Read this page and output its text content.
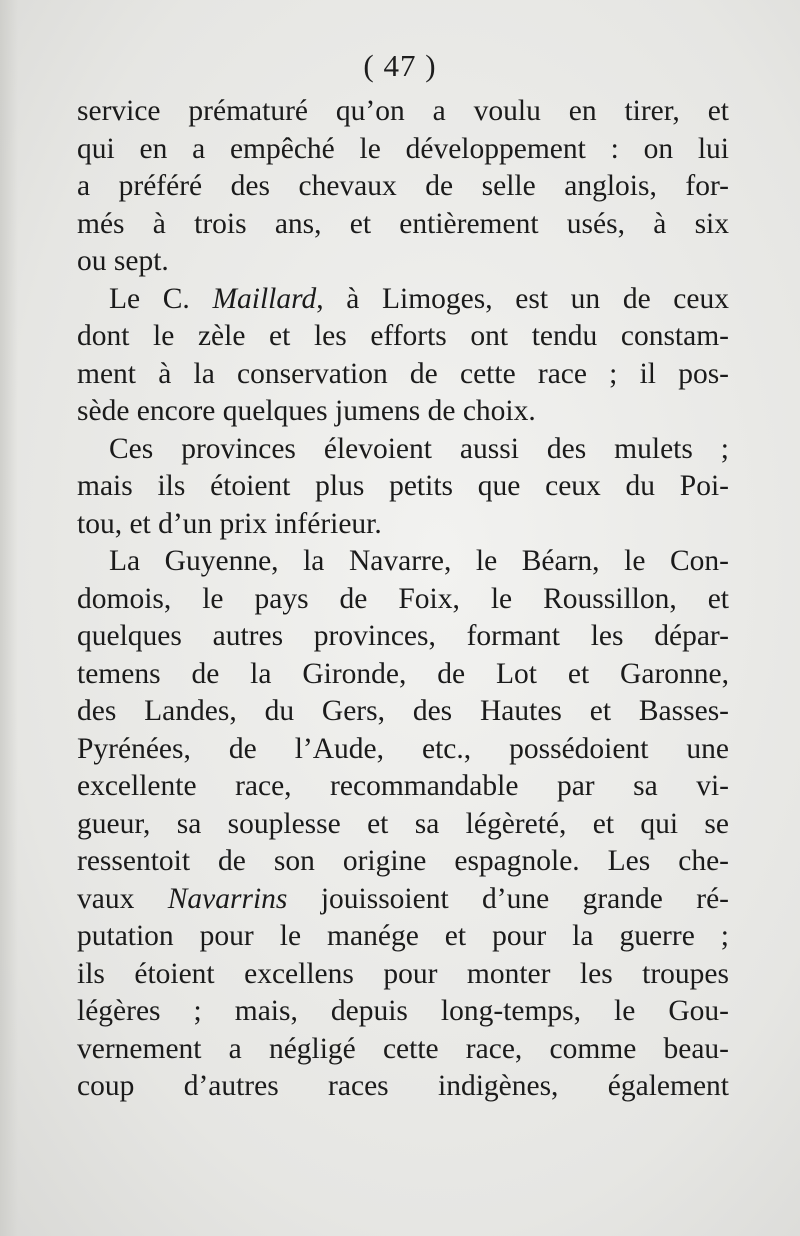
( 47 )
service prématuré qu’on a voulu en tirer, et
qui en a empêché le développement : on lui
a préféré des chevaux de selle anglois, for-
més à trois ans, et entièrement usés, à six
ou sept.
Le C. Maillard, à Limoges, est un de ceux
dont le zèle et les efforts ont tendu constam-
ment à la conservation de cette race ; il pos-
sède encore quelques jumens de choix.
Ces provinces élevoient aussi des mulets ;
mais ils étoient plus petits que ceux du Poi-
tou, et d’un prix inférieur.
La Guyenne, la Navarre, le Béarn, le Con-
domois, le pays de Foix, le Roussillon, et
quelques autres provinces, formant les dépar-
temens de la Gironde, de Lot et Garonne,
des Landes, du Gers, des Hautes et Basses-
Pyrénées, de l’Aude, etc., possédoient une
excellente race, recommandable par sa vi-
gueur, sa souplesse et sa légèreté, et qui se
ressentoit de son origine espagnole. Les che-
vaux Navarrins jouissoient d’une grande ré-
putation pour le manége et pour la guerre ;
ils étoient excellens pour monter les troupes
légères ; mais, depuis long-temps, le Gou-
vernement a négligé cette race, comme beau-
coup d’autres races indigènes, également
